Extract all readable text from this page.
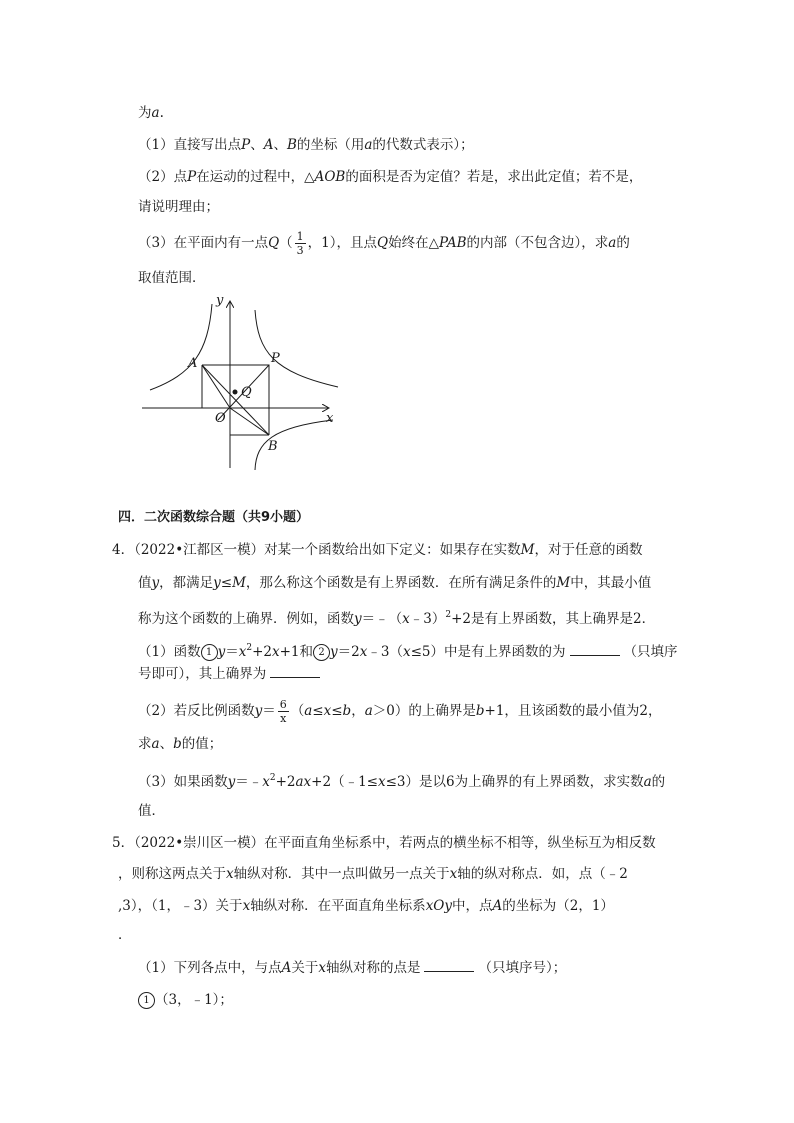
为a.
（1）直接写出点P、A、B的坐标（用a的代数式表示）；
（2）点P在运动的过程中，△AOB的面积是否为定值？若是，求出此定值；若不是，
请说明理由；
（3）在平面内有一点$Q( \frac{1}{3}$ ，1），且点Q始终在△PAB的内部（不包含边），求a的
取值范围．
y
x
O
A	P
Q
B
四．二次函数综合题（共9小题）
4．（2022•江都区一模）对某一个函数给出如下定义：如果存在实数M，对于任意的函数
值y，都满足y≤M，那么称这个函数是有上界函数．在所有满足条件的M中，其最小值
称为这个函数的上确界．例如，函数y＝﹣（x﹣3）$^2$+2是有上界函数，其上确界是2．
（1）函数 1 $y=x^2+2x+1$和 2 y＝2x﹣3（x≤5）中是有上界函数的为	（只填序
号即可），其上确界为
（2）若反比例函数$y= \frac{6}{x} (a\le x\le b$，a＞0）的上确界是b+1，且该函数的最小值为2，
求a、b的值；
（3）如果函数$y=﹣x^2+2ax+2(﹣1\le x\le 3)$是以6为上确界的有上界函数，求实数a的
值．
5．（2022•崇川区一模）在平面直角坐标系中，若两点的横坐标不相等，纵坐标互为相反数
，则称这两点关于x轴纵对称．其中一点叫做另一点关于x轴的纵对称点．如，点（﹣2
,3），（1，﹣3）关于x轴纵对称．在平面直角坐标系xOy中，点A的坐标为（2，1）
．
（1）下列各点中，与点A关于x轴纵对称的点是	（只填序号）；
1 （3，﹣1）；
